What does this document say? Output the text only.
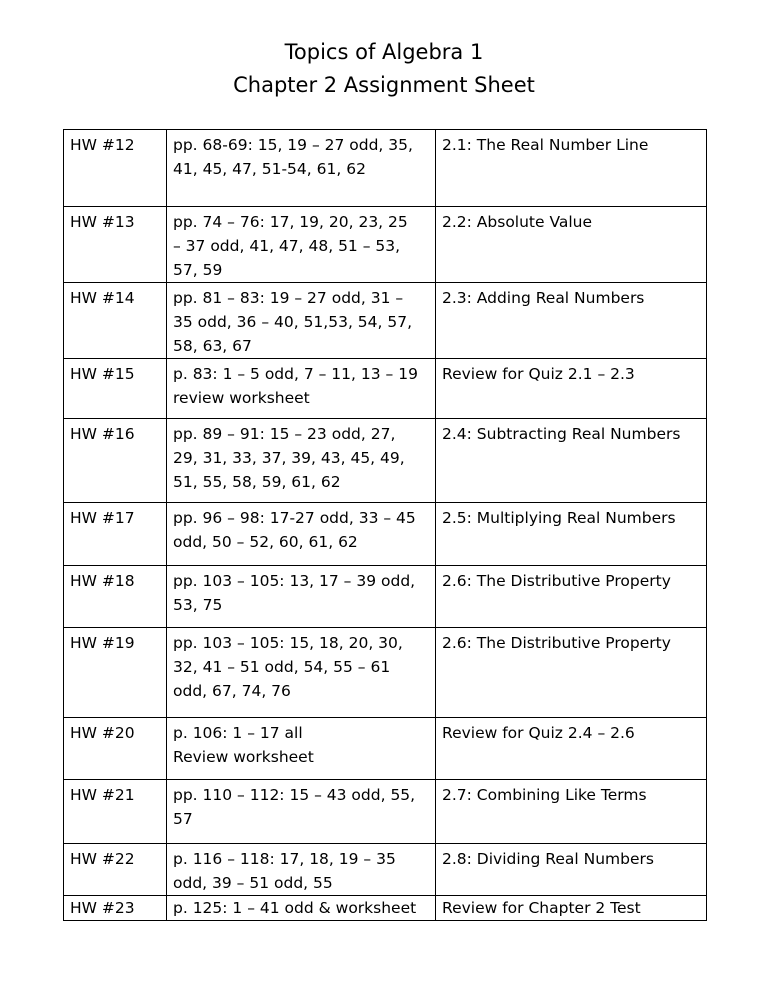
Topics of Algebra 1
Chapter 2 Assignment Sheet
HW #12	pp. 68-69: 15, 19 – 27 odd, 35,
41, 45, 47, 51-54, 61, 62	2.1: The Real Number Line
HW #13	pp. 74 – 76: 17, 19, 20, 23, 25
– 37 odd, 41, 47, 48, 51 – 53,
57, 59	2.2: Absolute Value
HW #14	pp. 81 – 83: 19 – 27 odd, 31 –
35 odd, 36 – 40, 51,53, 54, 57,
58, 63, 67	2.3: Adding Real Numbers
HW #15	p. 83: 1 – 5 odd, 7 – 11, 13 – 19
review worksheet	Review for Quiz 2.1 – 2.3
HW #16	pp. 89 – 91: 15 – 23 odd, 27,
29, 31, 33, 37, 39, 43, 45, 49,
51, 55, 58, 59, 61, 62	2.4: Subtracting Real Numbers
HW #17	pp. 96 – 98: 17-27 odd, 33 – 45
odd, 50 – 52, 60, 61, 62	2.5: Multiplying Real Numbers
HW #18	pp. 103 – 105: 13, 17 – 39 odd,
53, 75	2.6: The Distributive Property
HW #19	pp. 103 – 105: 15, 18, 20, 30,
32, 41 – 51 odd, 54, 55 – 61
odd, 67, 74, 76	2.6: The Distributive Property
HW #20	p. 106: 1 – 17 all
Review worksheet	Review for Quiz 2.4 – 2.6
HW #21	pp. 110 – 112: 15 – 43 odd, 55,
57	2.7: Combining Like Terms
HW #22	p. 116 – 118: 17, 18, 19 – 35
odd, 39 – 51 odd, 55	2.8: Dividing Real Numbers
HW #23	p. 125: 1 – 41 odd & worksheet	Review for Chapter 2 Test
